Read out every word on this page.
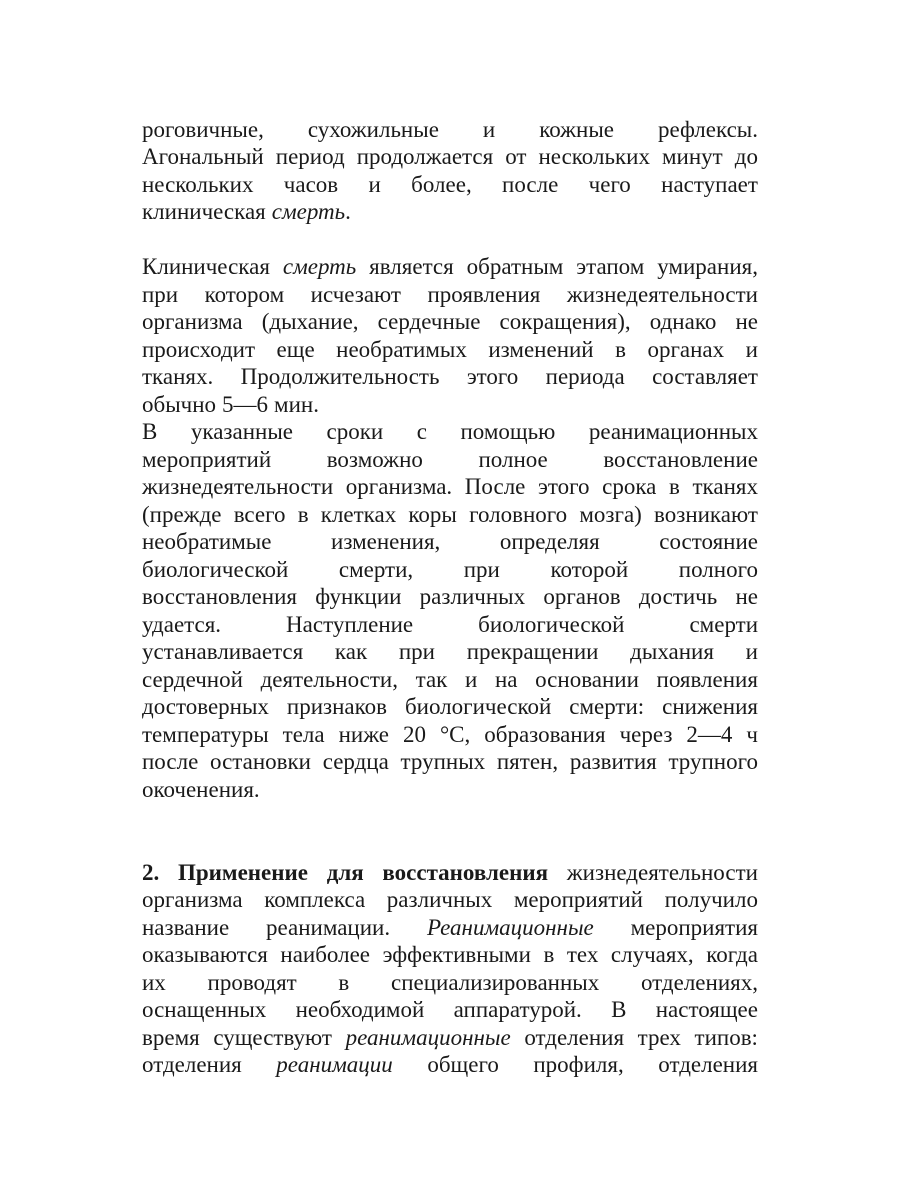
роговичные, сухожильные и кожные рефлексы.
Агональный период продолжается от нескольких минут до
нескольких часов и более, после чего наступает
клиническая смерть .
Клиническая смерть является обратным этапом умирания,
при котором исчезают проявления жизнедеятельности
организма (дыхание, сердечные сокращения), однако не
происходит еще необратимых изменений в органах и
тканях. Продолжительность этого периода составляет
обычно 5—6 мин.
В указанные сроки с помощью реанимационных
мероприятий возможно полное восстановление
жизнедеятельности организма. После этого срока в тканях
(прежде всего в клетках коры головного мозга) возникают
необратимые	изменения,	определяя	состояние
биологической смерти, при которой полного
восстановления функции различных органов достичь не
удается.	Наступление	биологической	смерти
устанавливается как при прекращении дыхания и
сердечной деятельности, так и на основании появления
достоверных признаков биологической смерти: снижения
температуры тела ниже 20 °С, образования через 2—4 ч
после остановки сердца трупных пятен, развития трупного
окоченения.
2. Применение для восстановления жизнедеятельности
организма комплекса различных мероприятий получило
название реанимации. Реанимационные мероприятия
оказываются наиболее эффективными в тех случаях, когда
их проводят в специализированных отделениях,
оснащенных необходимой аппаратурой. В настоящее
время существуют реанимационные отделения трех типов:
отделения реанимации общего профиля, отделения
